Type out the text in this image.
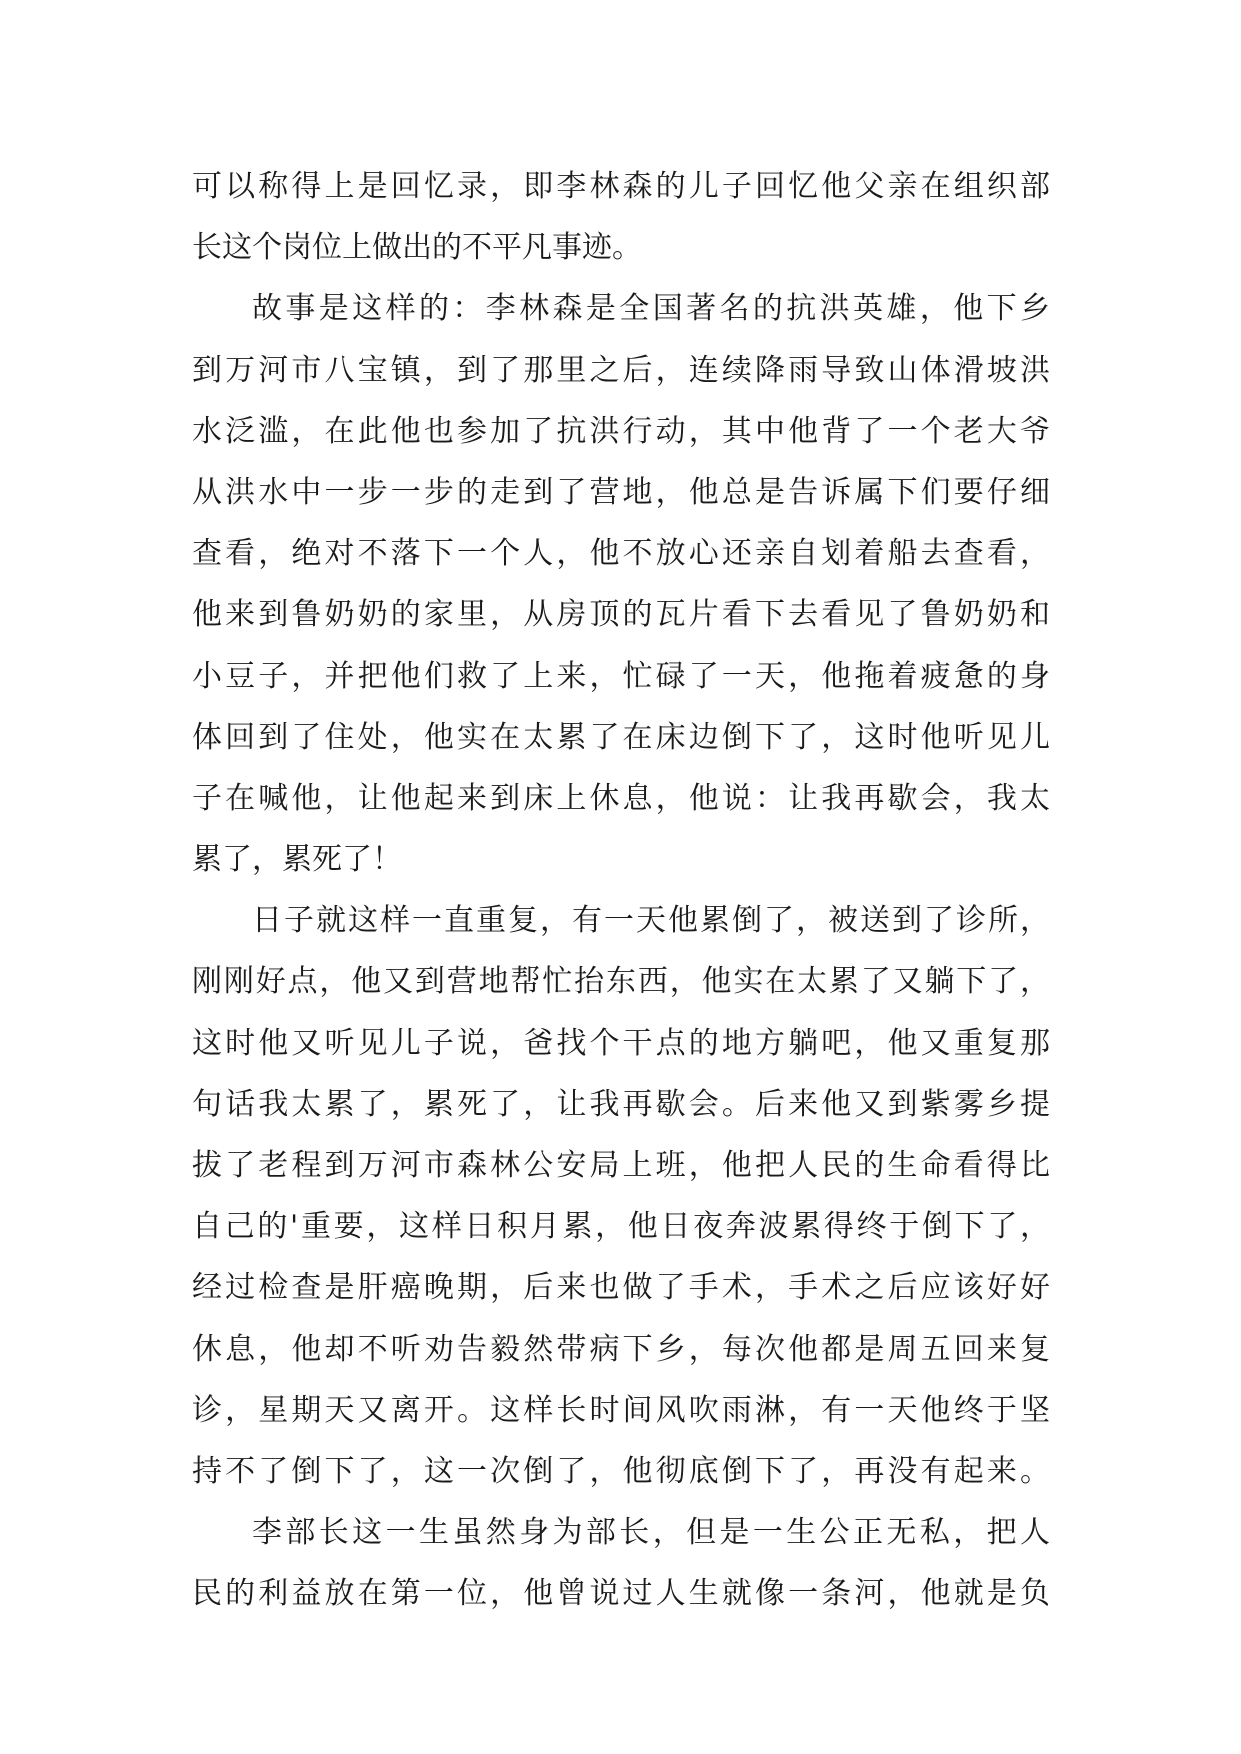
可以称得上是回忆录，即李林森的儿子回忆他父亲在组织部
长这个岗位上做出的不平凡事迹。
故事是这样的：李林森是全国著名的抗洪英雄，他下乡
到万河市八宝镇，到了那里之后，连续降雨导致山体滑坡洪
水泛滥，在此他也参加了抗洪行动，其中他背了一个老大爷
从洪水中一步一步的走到了营地，他总是告诉属下们要仔细
查看，绝对不落下一个人，他不放心还亲自划着船去查看，
他来到鲁奶奶的家里，从房顶的瓦片看下去看见了鲁奶奶和
小豆子，并把他们救了上来，忙碌了一天，他拖着疲惫的身
体回到了住处，他实在太累了在床边倒下了，这时他听见儿
子在喊他，让他起来到床上休息，他说：让我再歇会，我太
累了，累死了！
日子就这样一直重复，有一天他累倒了，被送到了诊所，
刚刚好点，他又到营地帮忙抬东西，他实在太累了又躺下了，
这时他又听见儿子说，爸找个干点的地方躺吧，他又重复那
句话我太累了，累死了，让我再歇会。后来他又到紫雾乡提
拔了老程到万河市森林公安局上班，他把人民的生命看得比
自己的'重要，这样日积月累，他日夜奔波累得终于倒下了，
经过检查是肝癌晚期，后来也做了手术，手术之后应该好好
休息，他却不听劝告毅然带病下乡，每次他都是周五回来复
诊，星期天又离开。这样长时间风吹雨淋，有一天他终于坚
持不了倒下了，这一次倒了，他彻底倒下了，再没有起来。
李部长这一生虽然身为部长，但是一生公正无私，把人
民的利益放在第一位，他曾说过人生就像一条河，他就是负
